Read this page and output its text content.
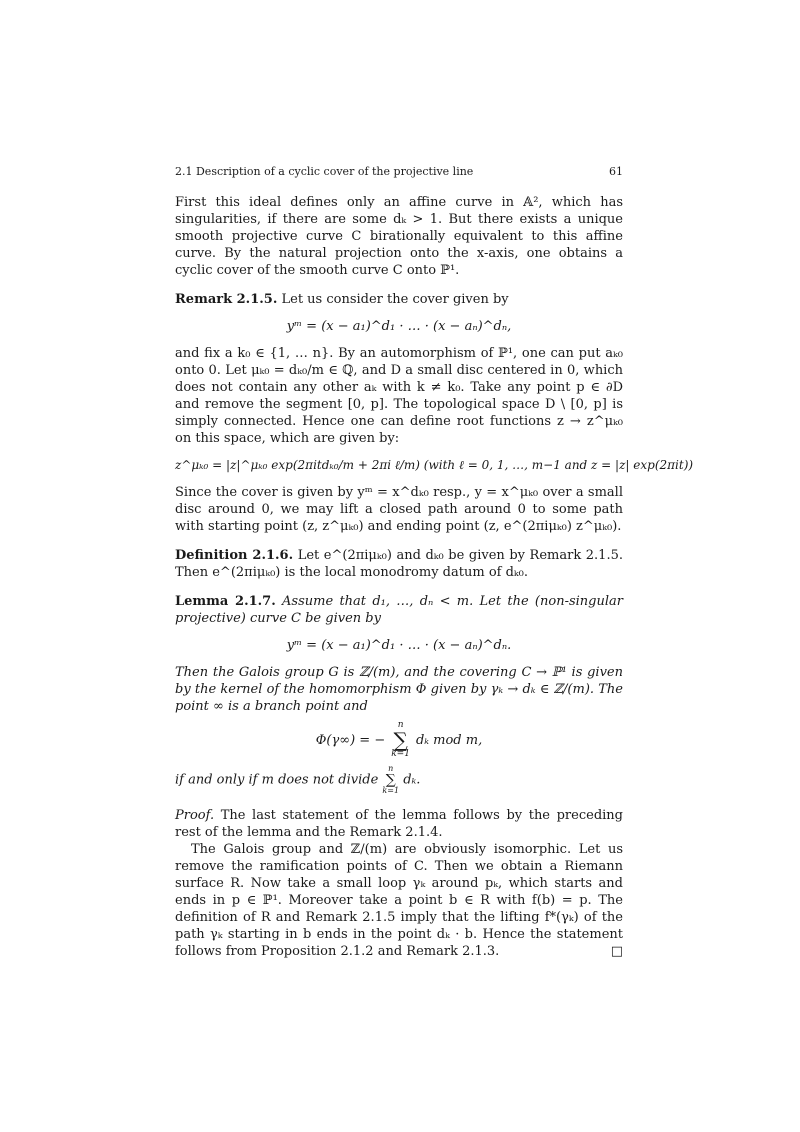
2.1 Description of a cyclic cover of the projective line	61

First this ideal defines only an affine curve in 𝔸², which has singularities, if there are some dₖ > 1. But there exists a unique smooth projective curve C birationally equivalent to this affine curve. By the natural projection onto the x-axis, one obtains a cyclic cover of the smooth curve C onto ℙ¹.

Remark 2.1.5. Let us consider the cover given by

yᵐ = (x − a₁)^d₁ · … · (x − aₙ)^dₙ,

and fix a k₀ ∈ {1, … n}. By an automorphism of ℙ¹, one can put aₖ₀ onto 0. Let μₖ₀ = dₖ₀/m ∈ ℚ, and D a small disc centered in 0, which does not contain any other aₖ with k ≠ k₀. Take any point p ∈ ∂D and remove the segment [0, p]. The topological space D \ [0, p] is simply connected. Hence one can define root functions z → z^μₖ₀ on this space, which are given by:

z^μₖ₀ = |z|^μₖ₀ exp(2πitdₖ₀/m + 2πi ℓ/m) (with ℓ = 0, 1, …, m−1 and z = |z| exp(2πit))

Since the cover is given by yᵐ = x^dₖ₀ resp., y = x^μₖ₀ over a small disc around 0, we may lift a closed path around 0 to some path with starting point (z, z^μₖ₀) and ending point (z, e^(2πiμₖ₀) z^μₖ₀).

Definition 2.1.6. Let e^(2πiμₖ₀) and dₖ₀ be given by Remark 2.1.5. Then e^(2πiμₖ₀) is the local monodromy datum of dₖ₀.

Lemma 2.1.7. Assume that d₁, …, dₙ < m. Let the (non-singular projective) curve C be given by

yᵐ = (x − a₁)^d₁ · … · (x − aₙ)^dₙ.

Then the Galois group G is ℤ/(m), and the covering C → ℙ¹ is given by the kernel of the homomorphism Φ given by γₖ → dₖ ∈ ℤ/(m). The point ∞ is a branch point and

Φ(γ∞) = −
n
∑
k=1
dₖ mod m,

if and only if m does not divide
n
∑
k=1
dₖ.

Proof. The last statement of the lemma follows by the preceding rest of the lemma and the Remark 2.1.4.

The Galois group and ℤ/(m) are obviously isomorphic. Let us remove the ramification points of C. Then we obtain a Riemann surface R. Now take a small loop γₖ around pₖ, which starts and ends in p ∈ ℙ¹. Moreover take a point b ∈ R with f(b) = p. The definition of R and Remark 2.1.5 imply that the lifting f*(γₖ) of the path γₖ starting in b ends in the point dₖ · b. Hence the statement follows from Proposition 2.1.2 and Remark 2.1.3.	□
